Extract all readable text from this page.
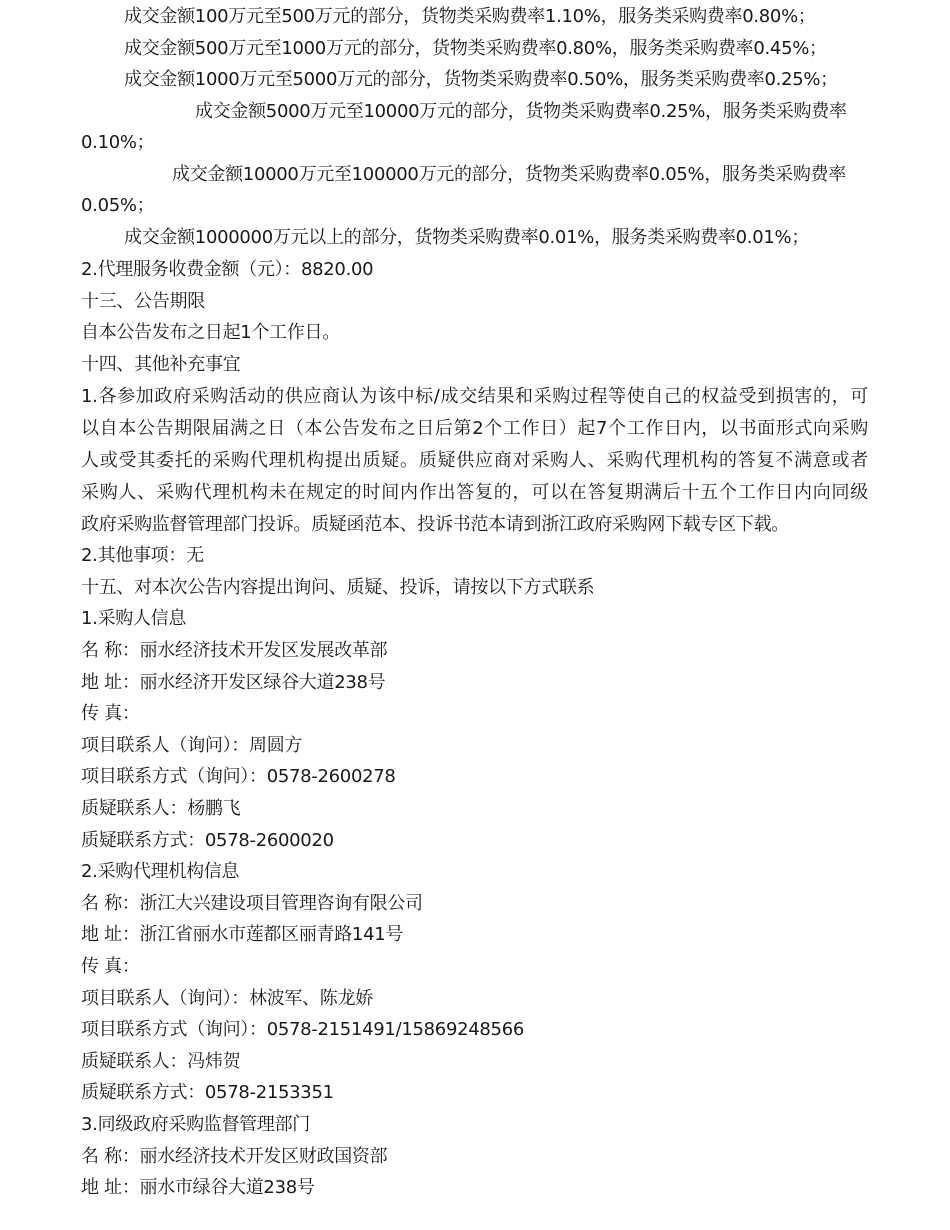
成交金额100万元至500万元的部分，货物类采购费率1.10%，服务类采购费率0.80%；
成交金额500万元至1000万元的部分，货物类采购费率0.80%，服务类采购费率0.45%；
成交金额1000万元至5000万元的部分，货物类采购费率0.50%，服务类采购费率0.25%；
成交金额5000万元至10000万元的部分，货物类采购费率0.25%，服务类采购费率
0.10%；
成交金额10000万元至100000万元的部分，货物类采购费率0.05%，服务类采购费率
0.05%；
成交金额1000000万元以上的部分，货物类采购费率0.01%，服务类采购费率0.01%；
2.代理服务收费金额（元）：8820.00
十三、公告期限
自本公告发布之日起1个工作日。
十四、其他补充事宜
1.各参加政府采购活动的供应商认为该中标/成交结果和采购过程等使自己的权益受到损害的，可
以自本公告期限届满之日（本公告发布之日后第2个工作日）起7个工作日内，以书面形式向采购
人或受其委托的采购代理机构提出质疑。质疑供应商对采购人、采购代理机构的答复不满意或者
采购人、采购代理机构未在规定的时间内作出答复的，可以在答复期满后十五个工作日内向同级
政府采购监督管理部门投诉。质疑函范本、投诉书范本请到浙江政府采购网下载专区下载。
2.其他事项：无
十五、对本次公告内容提出询问、质疑、投诉，请按以下方式联系
1.采购人信息
名 称：丽水经济技术开发区发展改革部
地 址：丽水经济开发区绿谷大道238号
传 真：
项目联系人（询问）：周圆方
项目联系方式（询问）：0578-2600278
质疑联系人：杨鹏飞
质疑联系方式：0578-2600020
2.采购代理机构信息
名 称：浙江大兴建设项目管理咨询有限公司
地 址：浙江省丽水市莲都区丽青路141号
传 真：
项目联系人（询问）：林波军、陈龙娇
项目联系方式（询问）：0578-2151491/15869248566
质疑联系人：冯炜贺
质疑联系方式：0578-2153351
3.同级政府采购监督管理部门
名 称：丽水经济技术开发区财政国资部
地 址：丽水市绿谷大道238号
